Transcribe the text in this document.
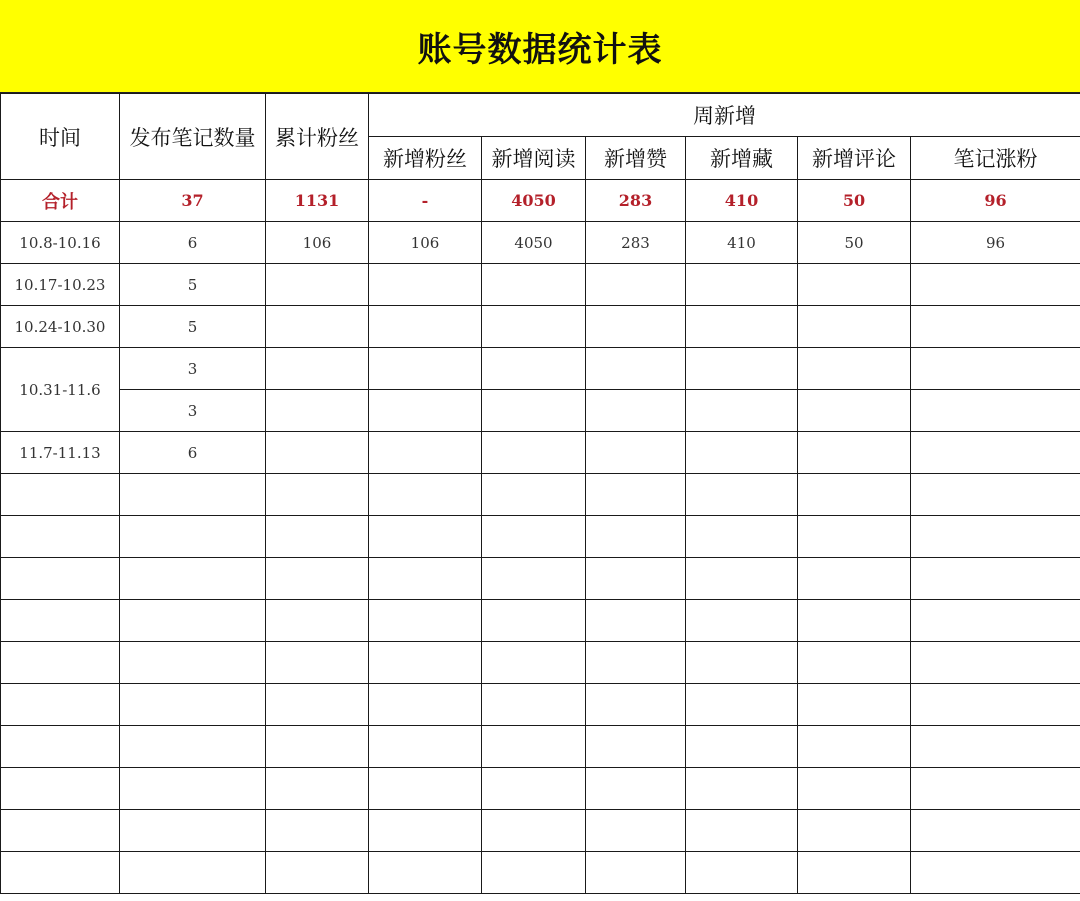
账号数据统计表
时间	发布笔记数量	累计粉丝	周新增					
			新增粉丝	新增阅读	新增赞	新增藏	新增评论	笔记涨粉
合计	37	1131	-	4050	283	410	50	96
10.8-10.16	6	106	106	4050	283	410	50	96
10.17-10.23	5							
10.24-10.30	5							
10.31-11.6	3							
	3							
11.7-11.13	6							
